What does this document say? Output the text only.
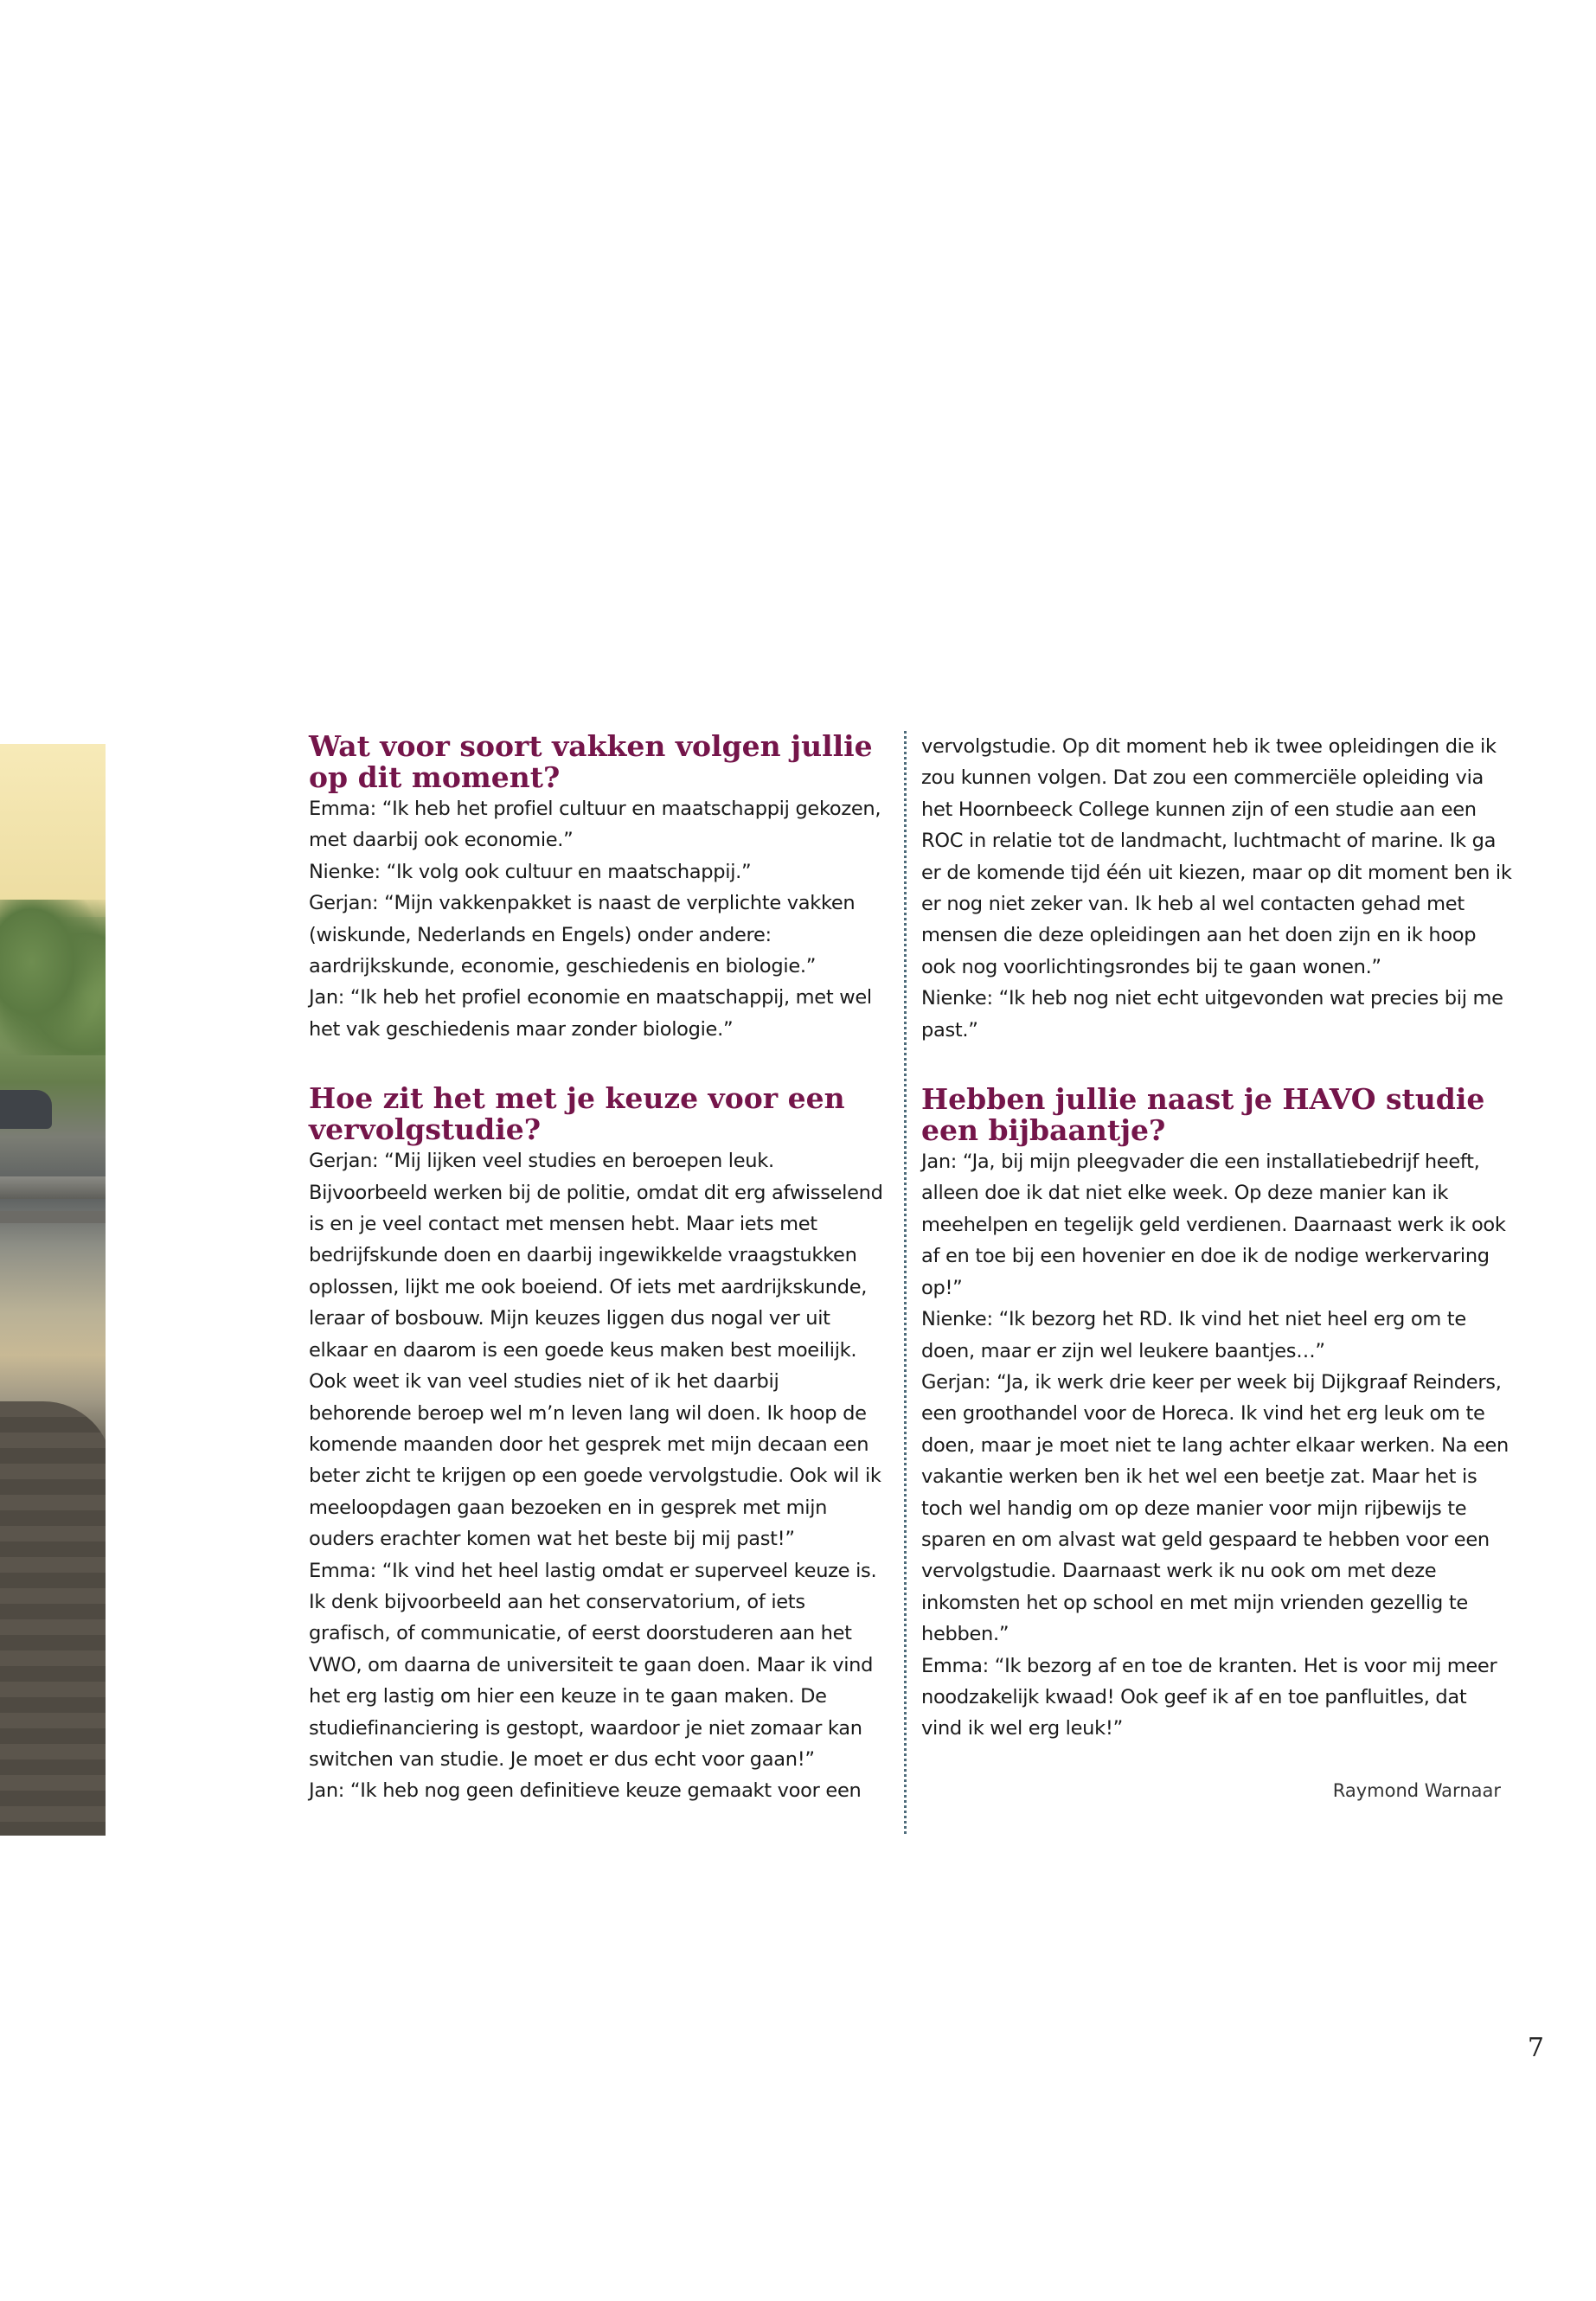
Wat voor soort vakken volgen jullie
op dit moment?

Emma: “Ik heb het profiel cultuur en maatschappij gekozen, met daarbij ook economie.”

Nienke: “Ik volg ook cultuur en maatschappij.”

Gerjan: “Mijn vakkenpakket is naast de verplichte vakken (wiskunde, Nederlands en Engels) onder andere: aardrijkskunde, economie, geschiedenis en biologie.”

Jan: “Ik heb het profiel economie en maatschappij, met wel het vak geschiedenis maar zonder biologie.”

Hoe zit het met je keuze voor een
vervolgstudie?

Gerjan: “Mij lijken veel studies en beroepen leuk. Bijvoorbeeld werken bij de politie, omdat dit erg afwisselend is en je veel contact met mensen hebt. Maar iets met bedrijfskunde doen en daarbij ingewikkelde vraagstukken oplossen, lijkt me ook boeiend. Of iets met aardrijkskunde, leraar of bosbouw. Mijn keuzes liggen dus nogal ver uit elkaar en daarom is een goede keus maken best moeilijk. Ook weet ik van veel studies niet of ik het daarbij behorende beroep wel m’n leven lang wil doen. Ik hoop de komende maanden door het gesprek met mijn decaan een beter zicht te krijgen op een goede vervolgstudie. Ook wil ik meeloopdagen gaan bezoeken en in gesprek met mijn ouders erachter komen wat het beste bij mij past!”

Emma: “Ik vind het heel lastig omdat er superveel keuze is. Ik denk bijvoorbeeld aan het conservatorium, of iets grafisch, of communicatie, of eerst doorstuderen aan het VWO, om daarna de universiteit te gaan doen. Maar ik vind het erg lastig om hier een keuze in te gaan maken. De studiefinanciering is gestopt, waardoor je niet zomaar kan switchen van studie. Je moet er dus echt voor gaan!”

Jan: “Ik heb nog geen definitieve keuze gemaakt voor een

vervolgstudie. Op dit moment heb ik twee opleidingen die ik zou kunnen volgen. Dat zou een commerciële opleiding via het Hoornbeeck College kunnen zijn of een studie aan een ROC in relatie tot de landmacht, luchtmacht of marine. Ik ga er de komende tijd één uit kiezen, maar op dit moment ben ik er nog niet zeker van. Ik heb al wel contacten gehad met mensen die deze opleidingen aan het doen zijn en ik hoop ook nog voorlichtingsrondes bij te gaan wonen.”

Nienke: “Ik heb nog niet echt uitgevonden wat precies bij me past.”

Hebben jullie naast je HAVO studie
een bijbaantje?

Jan: “Ja, bij mijn pleegvader die een installatiebedrijf heeft, alleen doe ik dat niet elke week. Op deze manier kan ik meehelpen en tegelijk geld verdienen. Daarnaast werk ik ook af en toe bij een hovenier en doe ik de nodige werkervaring op!”

Nienke: “Ik bezorg het RD. Ik vind het niet heel erg om te doen, maar er zijn wel leukere baantjes…”

Gerjan: “Ja, ik werk drie keer per week bij Dijkgraaf Reinders, een groothandel voor de Horeca. Ik vind het erg leuk om te doen, maar je moet niet te lang achter elkaar werken. Na een vakantie werken ben ik het wel een beetje zat. Maar het is toch wel handig om op deze manier voor mijn rijbewijs te sparen en om alvast wat geld gespaard te hebben voor een vervolgstudie. Daarnaast werk ik nu ook om met deze inkomsten het op school en met mijn vrienden gezellig te hebben.”

Emma: “Ik bezorg af en toe de kranten. Het is voor mij meer noodzakelijk kwaad! Ook geef ik af en toe panfluitles, dat vind ik wel erg leuk!”

Raymond Warnaar
7
